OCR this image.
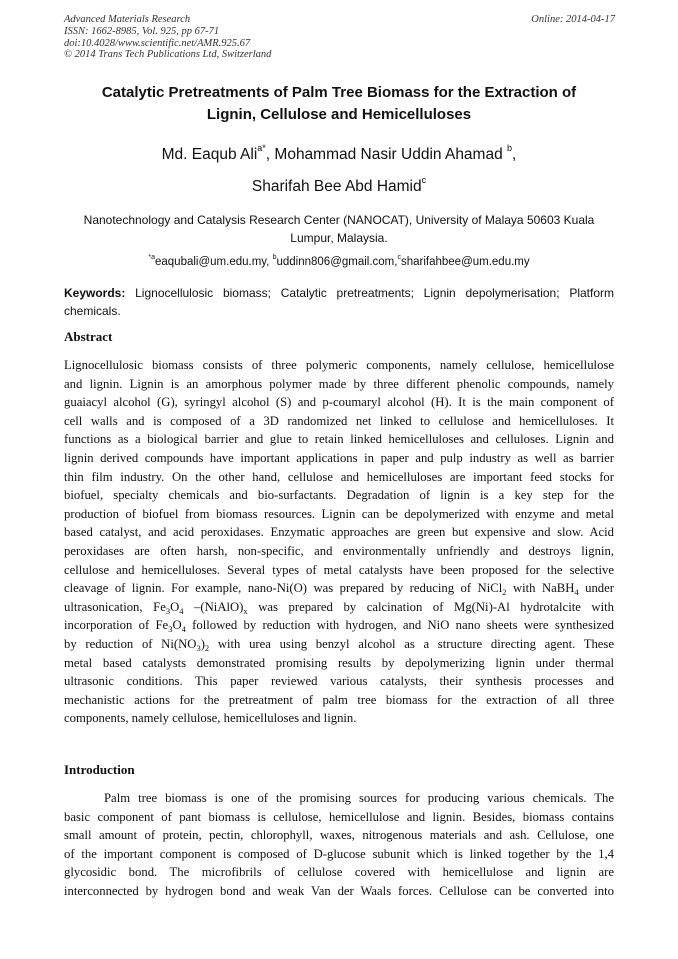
Advanced Materials Research
ISSN: 1662-8985, Vol. 925, pp 67-71
doi:10.4028/www.scientific.net/AMR.925.67
© 2014 Trans Tech Publications Ltd, Switzerland
Online: 2014-04-17
Catalytic Pretreatments of Palm Tree Biomass for the Extraction of
Lignin, Cellulose and Hemicelluloses
Md. Eaqub Ali$^{a*}$, Mohammad Nasir Uddin Ahamad $^b$,
Sharifah Bee Abd Hamid$^c$
Nanotechnology and Catalysis Research Center (NANOCAT), University of Malaya 50603 Kuala
Lumpur, Malaysia.
$^{*a}$eaqubali@um.edu.my, $^b$uddinn806@gmail.com,$^c$sharifahbee@um.edu.my
Keywords: Lignocellulosic biomass; Catalytic pretreatments; Lignin depolymerisation; Platform chemicals.
Abstract
Lignocellulosic biomass consists of three polymeric components, namely cellulose, hemicellulose
and lignin. Lignin is an amorphous polymer made by three different phenolic compounds, namely
guaiacyl alcohol (G), syringyl alcohol (S) and p-coumaryl alcohol (H). It is the main component of
cell walls and is composed of a 3D randomized net linked to cellulose and hemicelluloses. It
functions as a biological barrier and glue to retain linked hemicelluloses and celluloses. Lignin and
lignin derived compounds have important applications in paper and pulp industry as well as barrier
thin film industry. On the other hand, cellulose and hemicelluloses are important feed stocks for
biofuel, specialty chemicals and bio-surfactants. Degradation of lignin is a key step for the
production of biofuel from biomass resources. Lignin can be depolymerized with enzyme and metal
based catalyst, and acid peroxidases. Enzymatic approaches are green but expensive and slow. Acid
peroxidases are often harsh, non-specific, and environmentally unfriendly and destroys lignin,
cellulose and hemicelluloses. Several types of metal catalysts have been proposed for the selective
cleavage of lignin. For example, nano-Ni(O) was prepared by reducing of NiCl$_2$ with NaBH$_4$ under
ultrasonication, $Fe_3O_4$ $-(NiAlO)_x$ was prepared by calcination of Mg(Ni)-Al hydrotalcite with
incorporation of $Fe_3O_4$ followed by reduction with hydrogen, and NiO nano sheets were synthesized
by reduction of $Ni(NO_3)_2$ with urea using benzyl alcohol as a structure directing agent. These
metal based catalysts demonstrated promising results by depolymerizing lignin under thermal
ultrasonic conditions. This paper reviewed various catalysts, their synthesis processes and
mechanistic actions for the pretreatment of palm tree biomass for the extraction of all three
components, namely cellulose, hemicelluloses and lignin.
Introduction
Palm tree biomass is one of the promising sources for producing various chemicals. The
basic component of pant biomass is cellulose, hemicellulose and lignin. Besides, biomass contains
small amount of protein, pectin, chlorophyll, waxes, nitrogenous materials and ash. Cellulose, one
of the important component is composed of D-glucose subunit which is linked together by the 1,4
glycosidic bond. The microfibrils of cellulose covered with hemicellulose and lignin are
interconnected by hydrogen bond and weak Van der Waals forces. Cellulose can be converted into
